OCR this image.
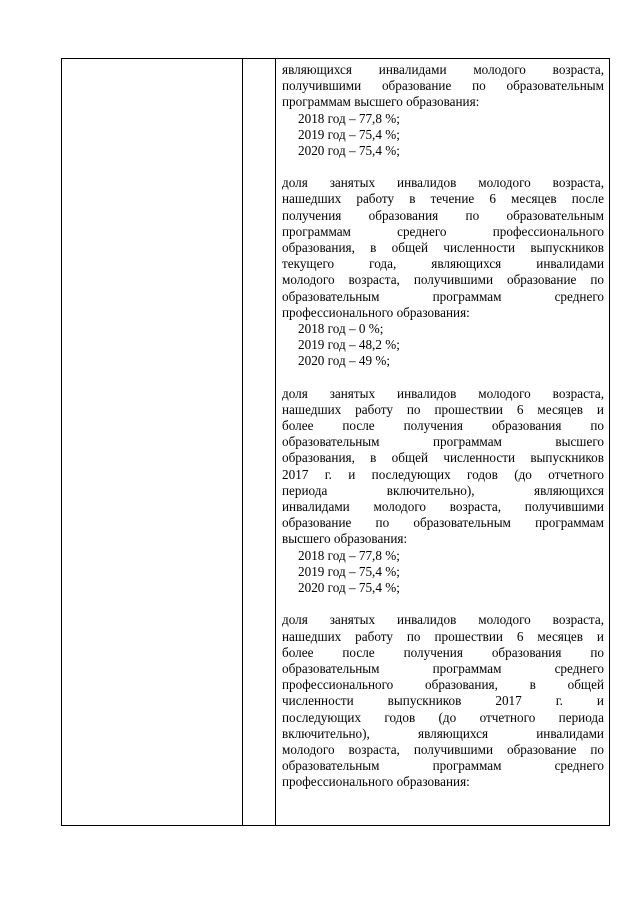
являющихся инвалидами молодого возраста,
получившими образование по образовательным
программам высшего образования:
2018 год – 77,8 %;
2019 год – 75,4 %;
2020 год – 75,4 %;
доля занятых инвалидов молодого возраста,
нашедших работу в течение 6 месяцев после
получения образования по образовательным
программам среднего профессионального
образования, в общей численности выпускников
текущего года, являющихся инвалидами
молодого возраста, получившими образование по
образовательным программам среднего
профессионального образования:
2018 год – 0 %;
2019 год – 48,2 %;
2020 год – 49 %;
доля занятых инвалидов молодого возраста,
нашедших работу по прошествии 6 месяцев и
более после получения образования по
образовательным программам высшего
образования, в общей численности выпускников
2017 г. и последующих годов (до отчетного
периода включительно), являющихся
инвалидами молодого возраста, получившими
образование по образовательным программам
высшего образования:
2018 год – 77,8 %;
2019 год – 75,4 %;
2020 год – 75,4 %;
доля занятых инвалидов молодого возраста,
нашедших работу по прошествии 6 месяцев и
более после получения образования по
образовательным программам среднего
профессионального образования, в общей
численности выпускников 2017 г. и
последующих годов (до отчетного периода
включительно), являющихся инвалидами
молодого возраста, получившими образование по
образовательным программам среднего
профессионального образования:
